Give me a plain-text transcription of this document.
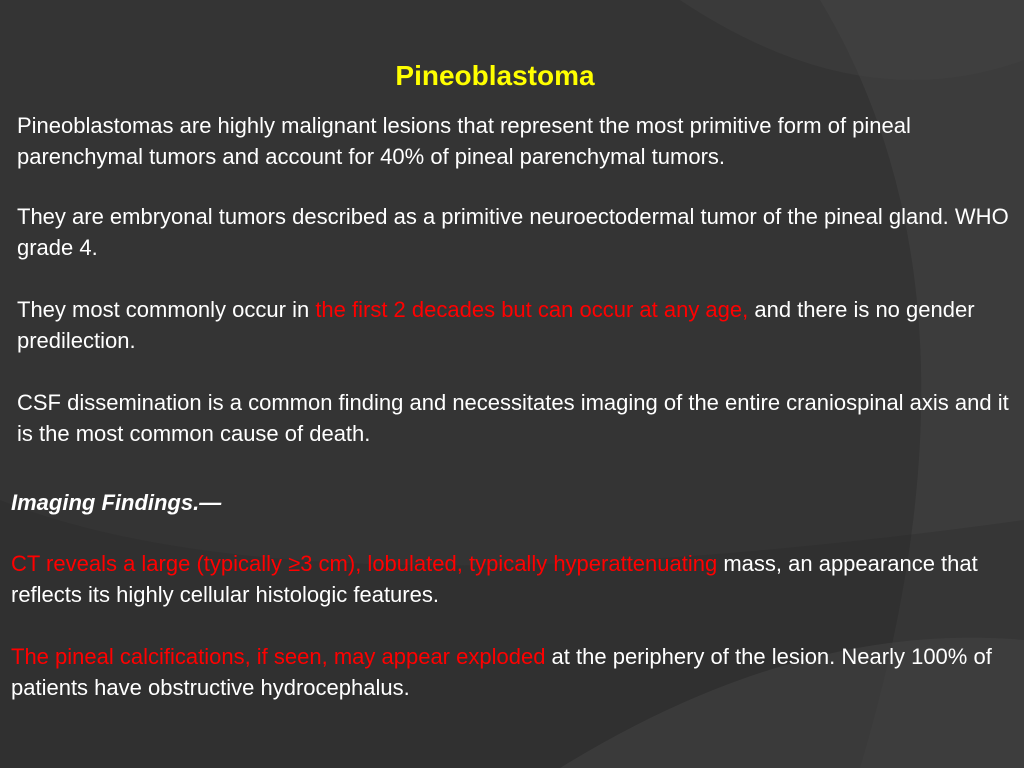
Pineoblastoma

Pineoblastomas are highly malignant lesions that represent the most primitive form of pineal parenchymal tumors and account for 40% of pineal parenchymal tumors.

They are embryonal tumors described as a primitive neuroectodermal tumor of the pineal gland. WHO grade 4.

They most commonly occur in the first 2 decades but can occur at any age, and there is no gender predilection.

CSF dissemination is a common finding and necessitates imaging of the entire craniospinal axis and it is the most common cause of death.

Imaging Findings.—

CT reveals a large (typically ≥3 cm), lobulated, typically hyperattenuating mass, an appearance that reflects its highly cellular histologic features.

The pineal calcifications, if seen, may appear exploded at the periphery of the lesion. Nearly 100% of patients have obstructive hydrocephalus.
